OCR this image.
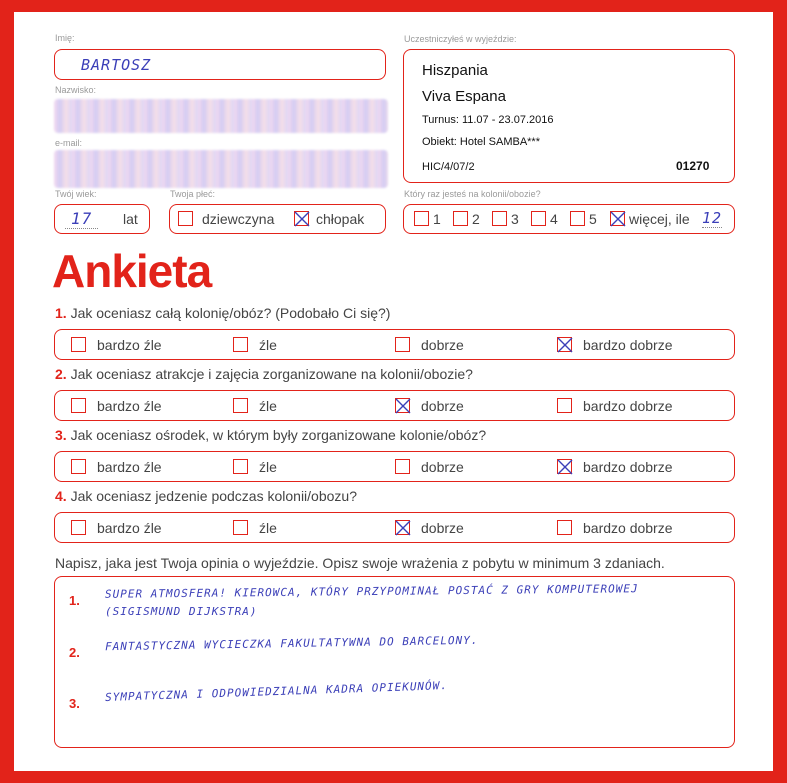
Imię:
BARTOSZ
Nazwisko:
e-mail:
Twój wiek:
17	lat
Twoja płeć:
dziewczyna	chłopak
Uczestniczyłeś w wyjeździe:
Hiszpania
Viva Espana
Turnus: 11.07 - 23.07.2016
Obiekt: Hotel SAMBA***
HIC/4/07/2	01270
Który raz jesteś na kolonii/obozie?
1 2 3 4 5 więcej, ile 12
Ankieta
1. Jak oceniasz całą kolonię/obóz? (Podobało Ci się?)
bardzo źle	źle	dobrze	bardzo dobrze
2. Jak oceniasz atrakcje i zajęcia zorganizowane na kolonii/obozie?
bardzo źle	źle	dobrze	bardzo dobrze
3. Jak oceniasz ośrodek, w którym były zorganizowane kolonie/obóz?
bardzo źle	źle	dobrze	bardzo dobrze
4. Jak oceniasz jedzenie podczas kolonii/obozu?
bardzo źle	źle	dobrze	bardzo dobrze
Napisz, jaka jest Twoja opinia o wyjeździe. Opisz swoje wrażenia z pobytu w minimum 3 zdaniach.
1. SUPER ATMOSFERA! KIEROWCA, KTÓRY PRZYPOMINAŁ POSTAĆ Z GRY KOMPUTEROWEJ
(SIGISMUND DIJKSTRA)
2. FANTASTYCZNA WYCIECZKA FAKULTATYWNA DO BARCELONY.
3. SYMPATYCZNA I ODPOWIEDZIALNA KADRA OPIEKUNÓW.
